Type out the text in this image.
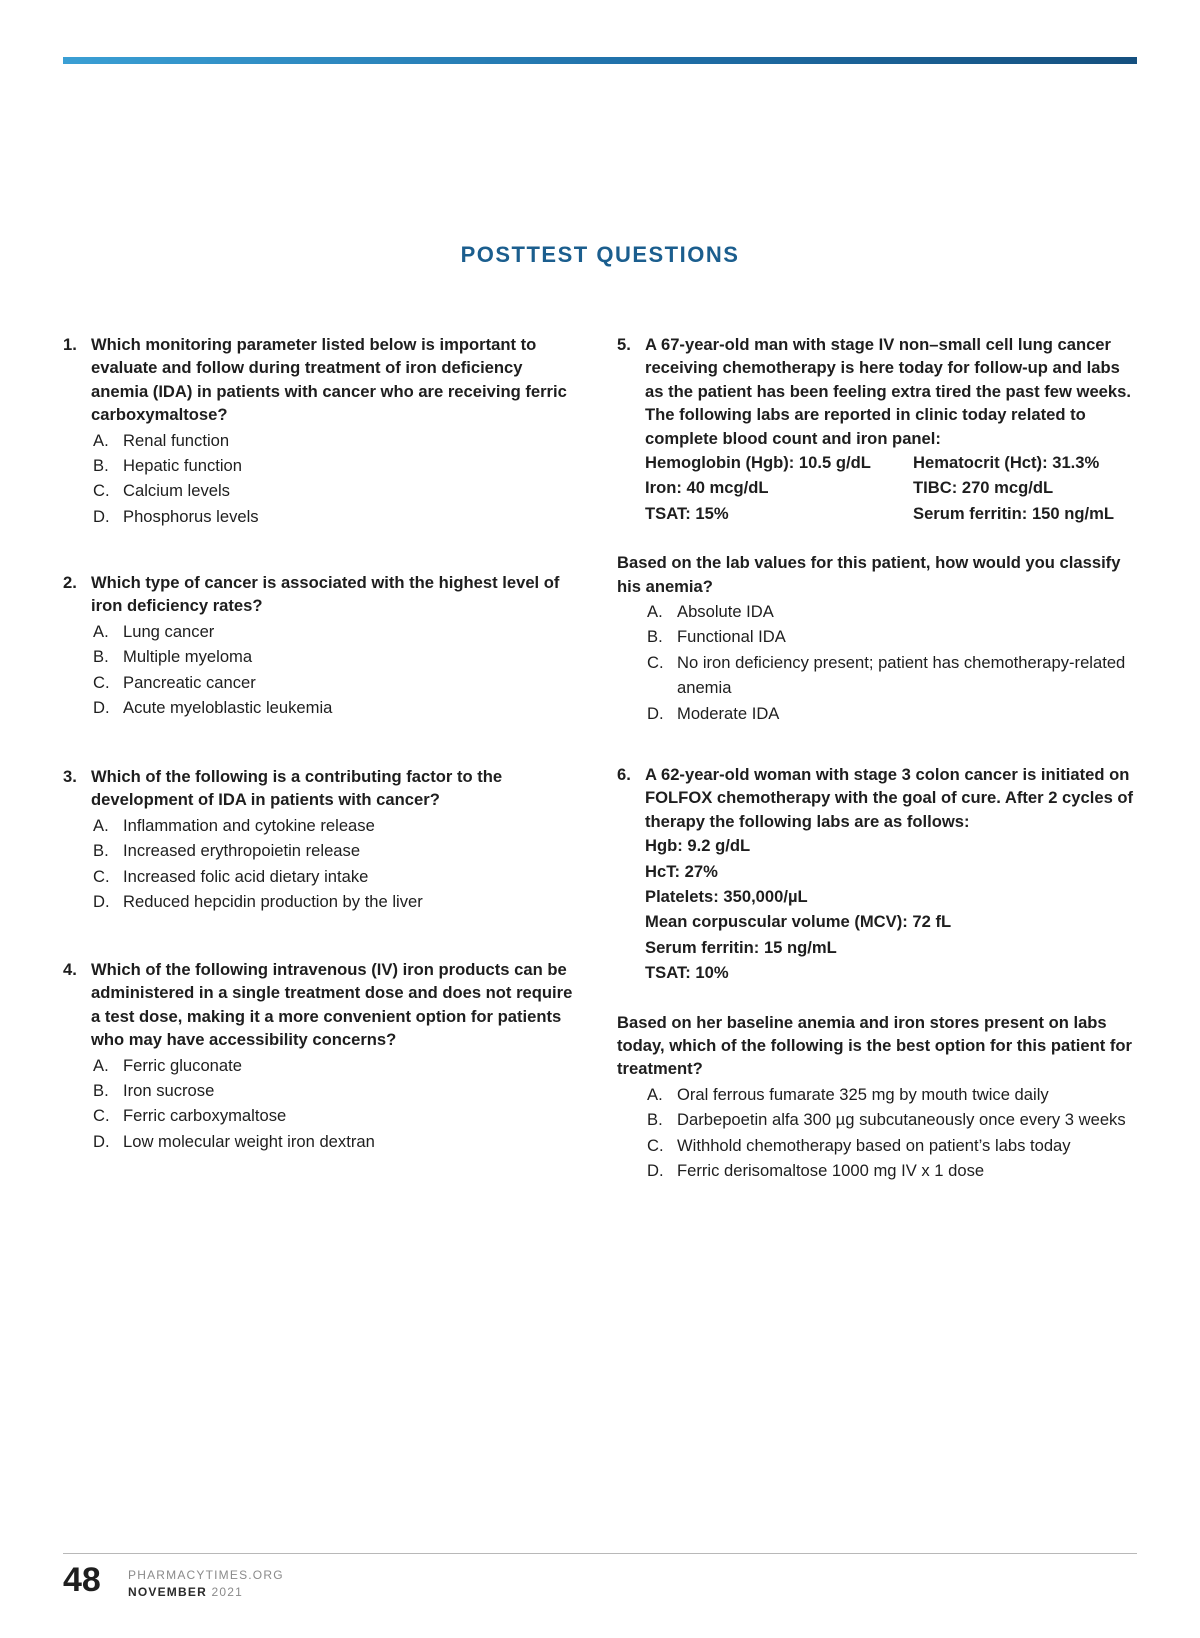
POSTTEST QUESTIONS
1. Which monitoring parameter listed below is important to evaluate and follow during treatment of iron deficiency anemia (IDA) in patients with cancer who are receiving ferric carboxymaltose?
A. Renal function
B. Hepatic function
C. Calcium levels
D. Phosphorus levels
2. Which type of cancer is associated with the highest level of iron deficiency rates?
A. Lung cancer
B. Multiple myeloma
C. Pancreatic cancer
D. Acute myeloblastic leukemia
3. Which of the following is a contributing factor to the development of IDA in patients with cancer?
A. Inflammation and cytokine release
B. Increased erythropoietin release
C. Increased folic acid dietary intake
D. Reduced hepcidin production by the liver
4. Which of the following intravenous (IV) iron products can be administered in a single treatment dose and does not require a test dose, making it a more convenient option for patients who may have accessibility concerns?
A. Ferric gluconate
B. Iron sucrose
C. Ferric carboxymaltose
D. Low molecular weight iron dextran
5. A 67-year-old man with stage IV non–small cell lung cancer receiving chemotherapy is here today for follow-up and labs as the patient has been feeling extra tired the past few weeks. The following labs are reported in clinic today related to complete blood count and iron panel:
Hemoglobin (Hgb): 10.5 g/dL	Hematocrit (Hct): 31.3%
Iron: 40 mcg/dL	TIBC: 270 mcg/dL
TSAT: 15%	Serum ferritin: 150 ng/mL
Based on the lab values for this patient, how would you classify his anemia?
A. Absolute IDA
B. Functional IDA
C. No iron deficiency present; patient has chemotherapy-related anemia
D. Moderate IDA
6. A 62-year-old woman with stage 3 colon cancer is initiated on FOLFOX chemotherapy with the goal of cure. After 2 cycles of therapy the following labs are as follows:
Hgb: 9.2 g/dL
HcT: 27%
Platelets: 350,000/µL
Mean corpuscular volume (MCV): 72 fL
Serum ferritin: 15 ng/mL
TSAT: 10%
Based on her baseline anemia and iron stores present on labs today, which of the following is the best option for this patient for treatment?
A. Oral ferrous fumarate 325 mg by mouth twice daily
B. Darbepoetin alfa 300 µg subcutaneously once every 3 weeks
C. Withhold chemotherapy based on patient’s labs today
D. Ferric derisomaltose 1000 mg IV x 1 dose
48 PHARMACYTIMES.ORG
NOVEMBER 2021
